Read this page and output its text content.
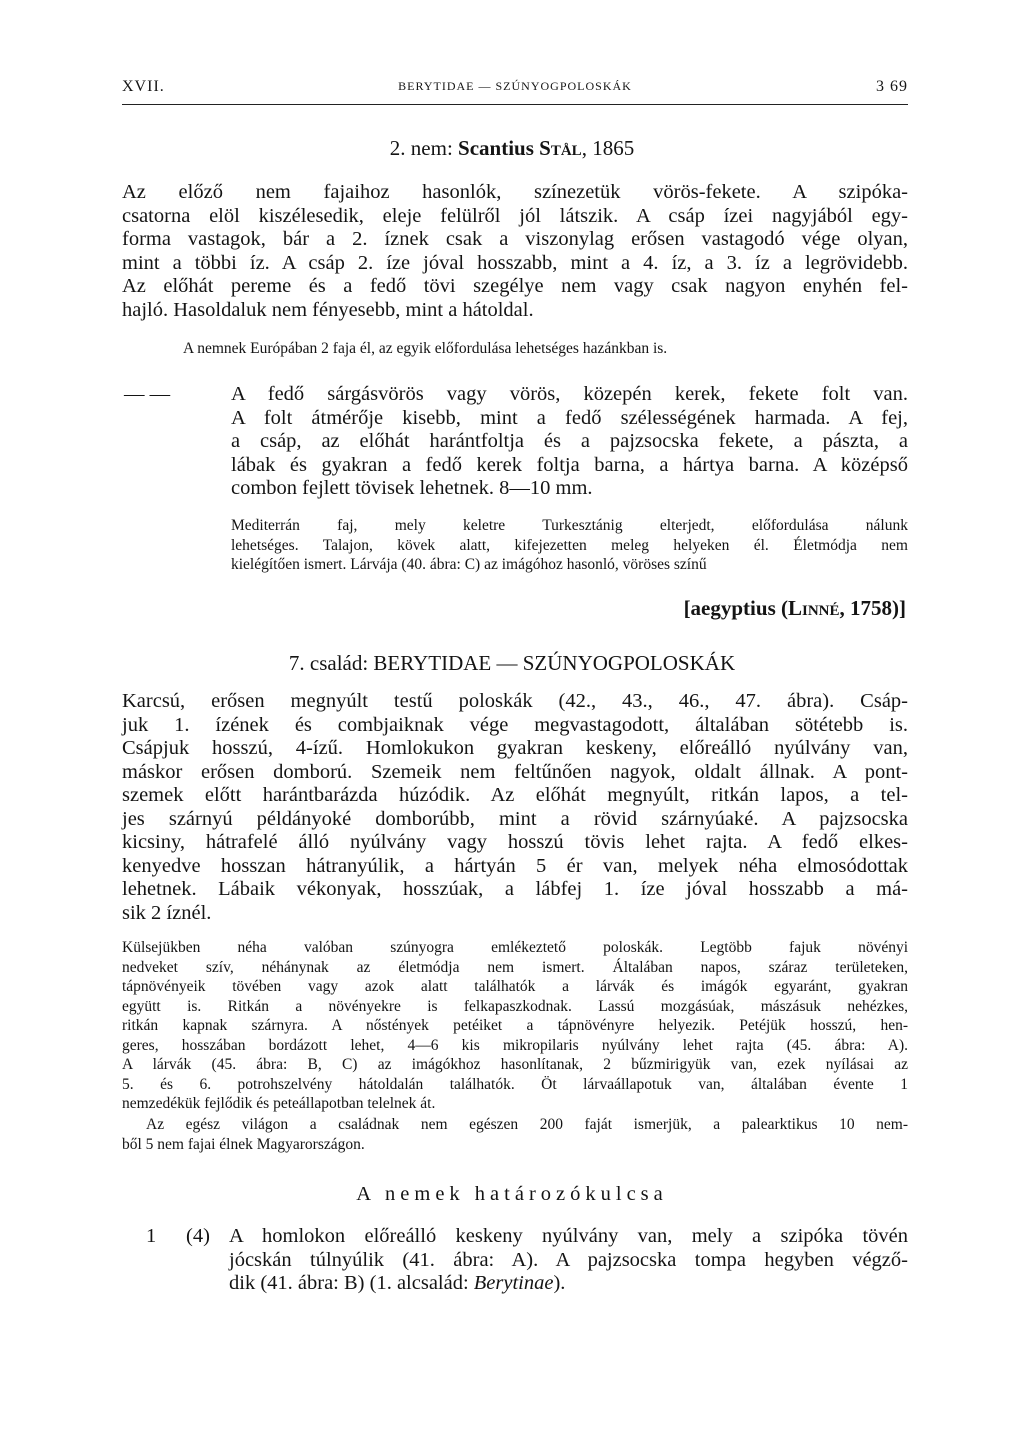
XVII.	BERYTIDAE — SZÚNYOGPOLOSKÁK	3 69
2. nem: Scantius Stål, 1865
Az előző nem fajaihoz hasonlók, színezetük vörös-fekete. A szipóka-
csatorna elöl kiszélesedik, eleje felülről jól látszik. A csáp ízei nagyjából egy-
forma vastagok, bár a 2. íznek csak a viszonylag erősen vastagodó vége olyan,
mint a többi íz. A csáp 2. íze jóval hosszabb, mint a 4. íz, a 3. íz a legrövidebb.
Az előhát pereme és a fedő tövi szegélye nem vagy csak nagyon enyhén fel-
hajló. Hasoldaluk nem fényesebb, mint a hátoldal.
A nemnek Európában 2 faja él, az egyik előfordulása lehetséges hazánkban is.
— —	A fedő sárgásvörös vagy vörös, közepén kerek, fekete folt van.
A folt átmérője kisebb, mint a fedő szélességének harmada. A fej,
a csáp, az előhát harántfoltja és a pajzsocska fekete, a pászta, a
lábak és gyakran a fedő kerek foltja barna, a hártya barna. A középső
combon fejlett tövisek lehetnek. 8—10 mm.
Mediterrán faj, mely keletre Turkesztánig elterjedt, előfordulása nálunk
lehetséges. Talajon, kövek alatt, kifejezetten meleg helyeken él. Életmódja nem
kielégítően ismert. Lárvája (40. ábra: C) az imágóhoz hasonló, vöröses színű
[aegyptius (Linné, 1758)]
7. család: BERYTIDAE — SZÚNYOGPOLOSKÁK
Karcsú, erősen megnyúlt testű poloskák (42., 43., 46., 47. ábra). Csáp-
juk 1. ízének és combjaiknak vége megvastagodott, általában sötétebb is.
Csápjuk hosszú, 4-ízű. Homlokukon gyakran keskeny, előreálló nyúlvány van,
máskor erősen domború. Szemeik nem feltűnően nagyok, oldalt állnak. A pont-
szemek előtt harántbarázda húzódik. Az előhát megnyúlt, ritkán lapos, a tel-
jes szárnyú példányoké domborúbb, mint a rövid szárnyúaké. A pajzsocska
kicsiny, hátrafelé álló nyúlvány vagy hosszú tövis lehet rajta. A fedő elkes-
kenyedve hosszan hátranyúlik, a hártyán 5 ér van, melyek néha elmosódottak
lehetnek. Lábaik vékonyak, hosszúak, a lábfej 1. íze jóval hosszabb a má-
sik 2 íznél.
Külsejükben néha valóban szúnyogra emlékeztető poloskák. Legtöbb fajuk növényi
nedveket szív, néhánynak az életmódja nem ismert. Általában napos, száraz területeken,
tápnövényeik tövében vagy azok alatt találhatók a lárvák és imágók egyaránt, gyakran
együtt is. Ritkán a növényekre is felkapaszkodnak. Lassú mozgásúak, mászásuk nehézkes,
ritkán kapnak szárnyra. A nőstények petéiket a tápnövényre helyezik. Petéjük hosszú, hen-
geres, hosszában bordázott lehet, 4—6 kis mikropilaris nyúlvány lehet rajta (45. ábra: A).
A lárvák (45. ábra: B, C) az imágókhoz hasonlítanak, 2 bűzmirigyük van, ezek nyílásai az
5. és 6. potrohszelvény hátoldalán találhatók. Öt lárvaállapotuk van, általában évente 1
nemzedékük fejlődik és peteállapotban telelnek át.
Az egész világon a családnak nem egészen 200 faját ismerjük, a palearktikus 10 nem-
ből 5 nem fajai élnek Magyarországon.
A nemek határozókulcsa
1 (4) A homlokon előreálló keskeny nyúlvány van, mely a szipóka tövén
jócskán túlnyúlik (41. ábra: A). A pajzsocska tompa hegyben végző-
dik (41. ábra: B) (1. alcsalád: Berytinae).
